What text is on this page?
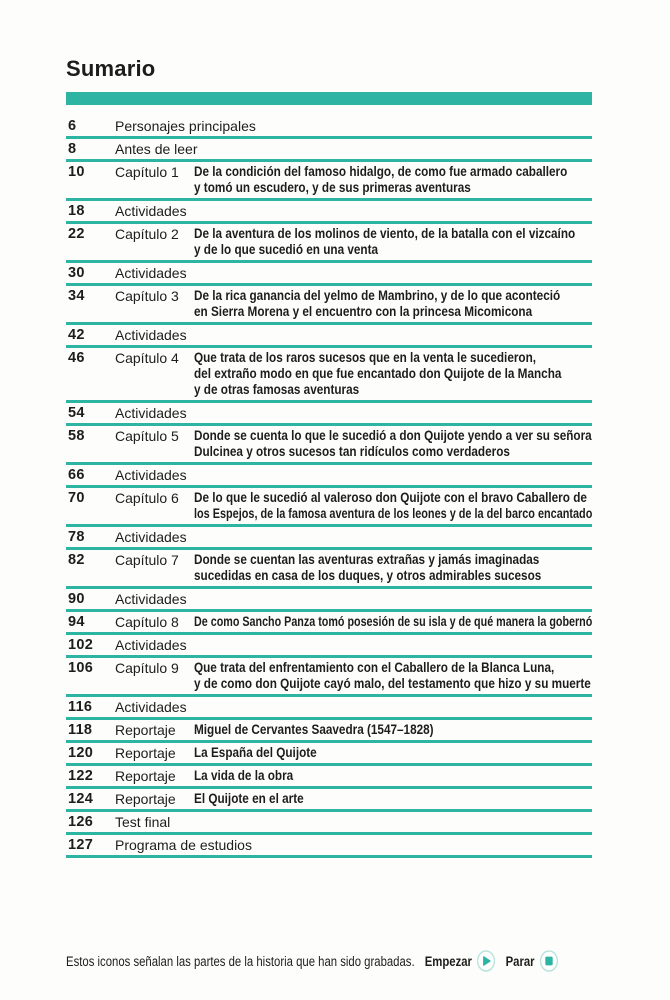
Sumario
6	Personajes principales
8	Antes de leer
10	Capítulo 1	De la condición del famoso hidalgo, de como fue armado caballero
y tomó un escudero, y de sus primeras aventuras
18	Actividades
22	Capítulo 2	De la aventura de los molinos de viento, de la batalla con el vizcaíno
y de lo que sucedió en una venta
30	Actividades
34	Capítulo 3	De la rica ganancia del yelmo de Mambrino, y de lo que aconteció
en Sierra Morena y el encuentro con la princesa Micomicona
42	Actividades
46	Capítulo 4	Que trata de los raros sucesos que en la venta le sucedieron,
del extraño modo en que fue encantado don Quijote de la Mancha
y de otras famosas aventuras
54	Actividades
58	Capítulo 5	Donde se cuenta lo que le sucedió a don Quijote yendo a ver su señora
Dulcinea y otros sucesos tan ridículos como verdaderos
66	Actividades
70	Capítulo 6	De lo que le sucedió al valeroso don Quijote con el bravo Caballero de
los Espejos, de la famosa aventura de los leones y de la del barco encantado
78	Actividades
82	Capítulo 7	Donde se cuentan las aventuras extrañas y jamás imaginadas
sucedidas en casa de los duques, y otros admirables sucesos
90	Actividades
94	Capítulo 8	De como Sancho Panza tomó posesión de su isla y de qué manera la gobernó
102	Actividades
106	Capítulo 9	Que trata del enfrentamiento con el Caballero de la Blanca Luna,
y de como don Quijote cayó malo, del testamento que hizo y su muerte
116	Actividades
118	Reportaje	Miguel de Cervantes Saavedra (1547–1828)
120	Reportaje	La España del Quijote
122	Reportaje	La vida de la obra
124	Reportaje	El Quijote en el arte
126	Test final
127	Programa de estudios
Estos iconos señalan las partes de la historia que han sido grabadas. Empezar Parar
